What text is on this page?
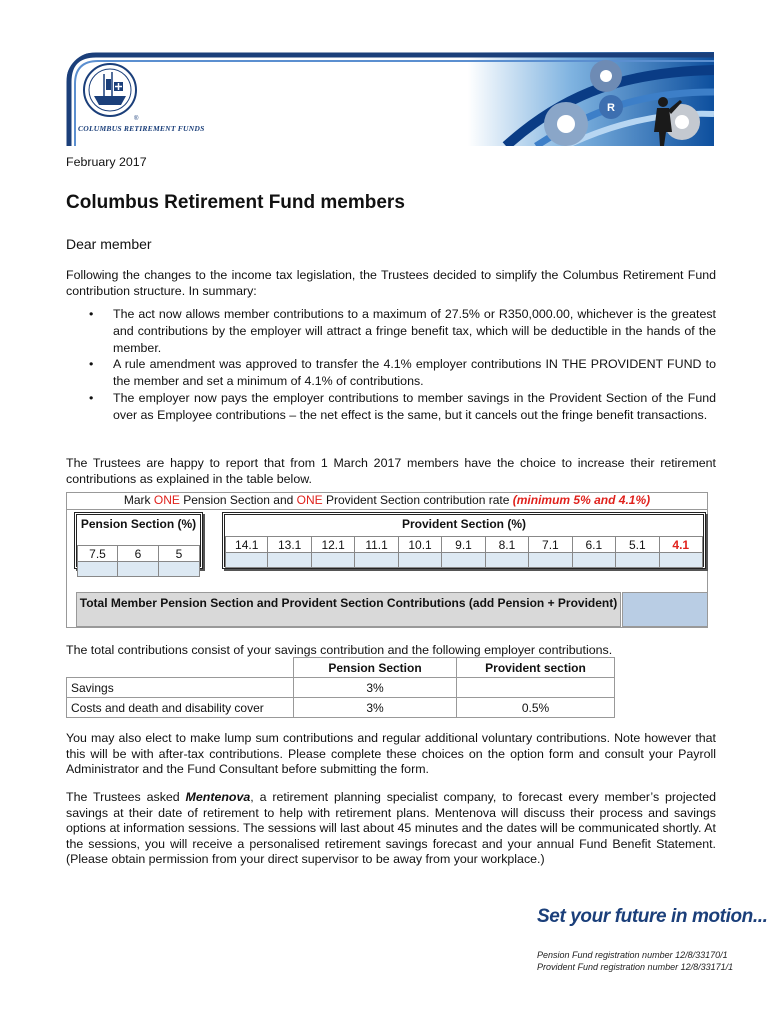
R
®
COLUMBUS RETIREMENT FUNDS
February 2017
Columbus Retirement Fund members
Dear member
Following the changes to the income tax legislation, the Trustees decided to simplify the Columbus Retirement Fund contribution structure. In summary:
• The act now allows member contributions to a maximum of 27.5% or R350,000.00, whichever is the greatest and contributions by the employer will attract a fringe benefit tax, which will be deductible in the hands of the member.
• A rule amendment was approved to transfer the 4.1% employer contributions IN THE PROVIDENT FUND to the member and set a minimum of 4.1% of contributions.
• The employer now pays the employer contributions to member savings in the Provident Section of the Fund over as Employee contributions – the net effect is the same, but it cancels out the fringe benefit transactions.
The Trustees are happy to report that from 1 March 2017 members have the choice to increase their retirement contributions as explained in the table below.
Mark ONE Pension Section and ONE Provident Section contribution rate (minimum 5% and 4.1%)
Pension Section (%)
7.5	6	5
Provident Section (%)
14.1	13.1	12.1	11.1	10.1	9.1	8.1	7.1	6.1	5.1	4.1
Total Member Pension Section and Provident Section Contributions (add Pension + Provident)
The total contributions consist of your savings contribution and the following employer contributions.
	Pension Section	Provident section
Savings	3%	
Costs and death and disability cover	3%	0.5%
You may also elect to make lump sum contributions and regular additional voluntary contributions. Note however that this will be with after-tax contributions. Please complete these choices on the option form and consult your Payroll Administrator and the Fund Consultant before submitting the form.
The Trustees asked Mentenova, a retirement planning specialist company, to forecast every member’s projected savings at their date of retirement to help with retirement plans. Mentenova will discuss their process and savings options at information sessions. The sessions will last about 45 minutes and the dates will be communicated shortly. At the sessions, you will receive a personalised retirement savings forecast and your annual Fund Benefit Statement. (Please obtain permission from your direct supervisor to be away from your workplace.)
Set your future in motion...
Pension Fund registration number 12/8/33170/1
Provident Fund registration number 12/8/33171/1
